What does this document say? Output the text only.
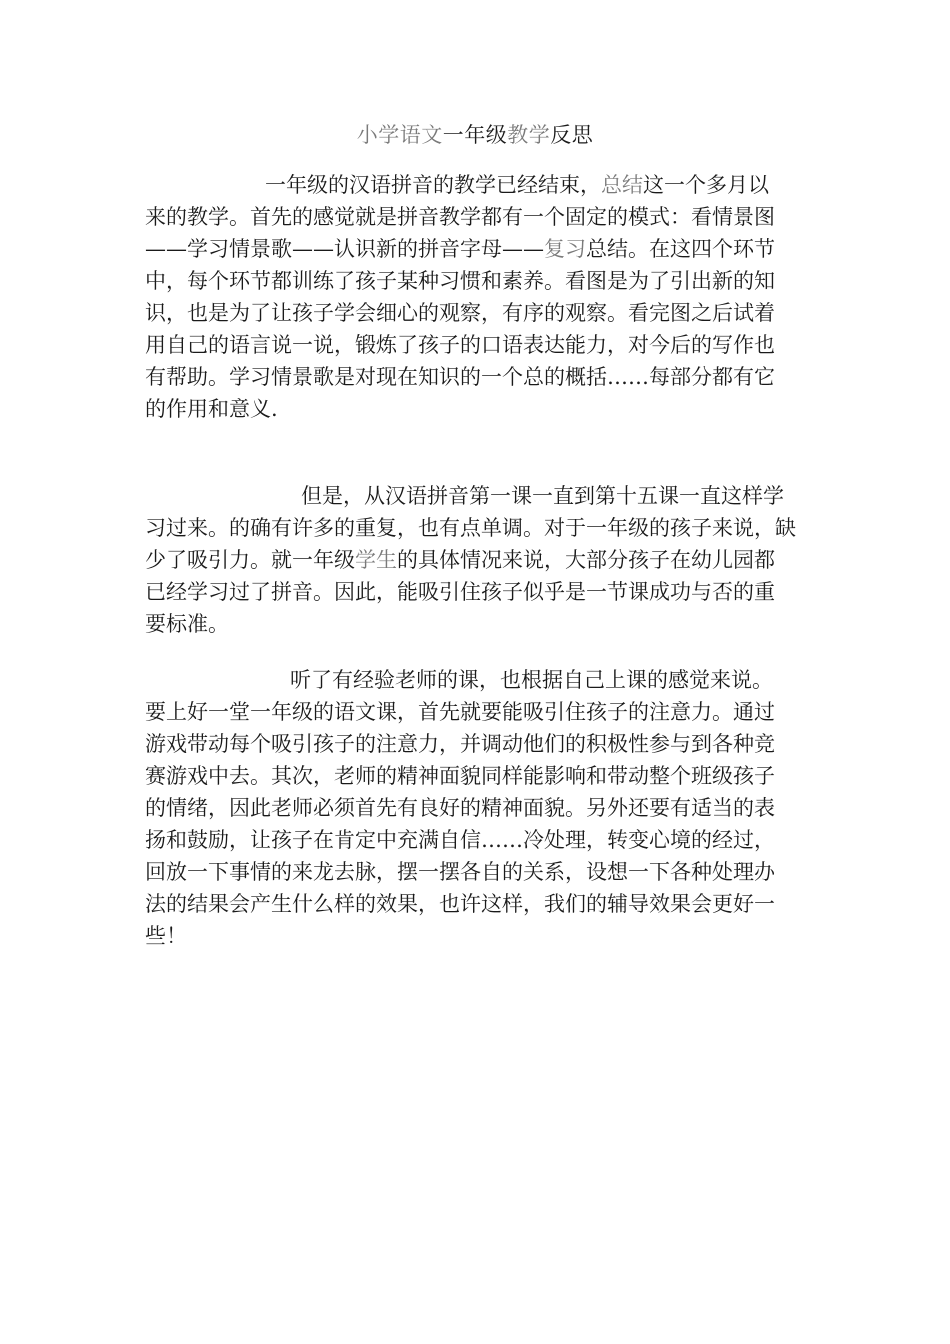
小学语文一年级教学反思
一年级的汉语拼音的教学已经结束，总结这一个多月以
来的教学。首先的感觉就是拼音教学都有一个固定的模式：看情景图
——学习情景歌——认识新的拼音字母——复习总结。在这四个环节
中，每个环节都训练了孩子某种习惯和素养。看图是为了引出新的知
识，也是为了让孩子学会细心的观察，有序的观察。看完图之后试着
用自己的语言说一说，锻炼了孩子的口语表达能力，对今后的写作也
有帮助。学习情景歌是对现在知识的一个总的概括……每部分都有它
的作用和意义.
但是，从汉语拼音第一课一直到第十五课一直这样学
习过来。的确有许多的重复，也有点单调。对于一年级的孩子来说，缺
少了吸引力。就一年级学生的具体情况来说，大部分孩子在幼儿园都
已经学习过了拼音。因此，能吸引住孩子似乎是一节课成功与否的重
要标准。
听了有经验老师的课，也根据自己上课的感觉来说。
要上好一堂一年级的语文课，首先就要能吸引住孩子的注意力。通过
游戏带动每个吸引孩子的注意力，并调动他们的积极性参与到各种竞
赛游戏中去。其次，老师的精神面貌同样能影响和带动整个班级孩子
的情绪，因此老师必须首先有良好的精神面貌。另外还要有适当的表
扬和鼓励，让孩子在肯定中充满自信……冷处理，转变心境的经过，
回放一下事情的来龙去脉，摆一摆各自的关系，设想一下各种处理办
法的结果会产生什么样的效果，也许这样，我们的辅导效果会更好一
些！
